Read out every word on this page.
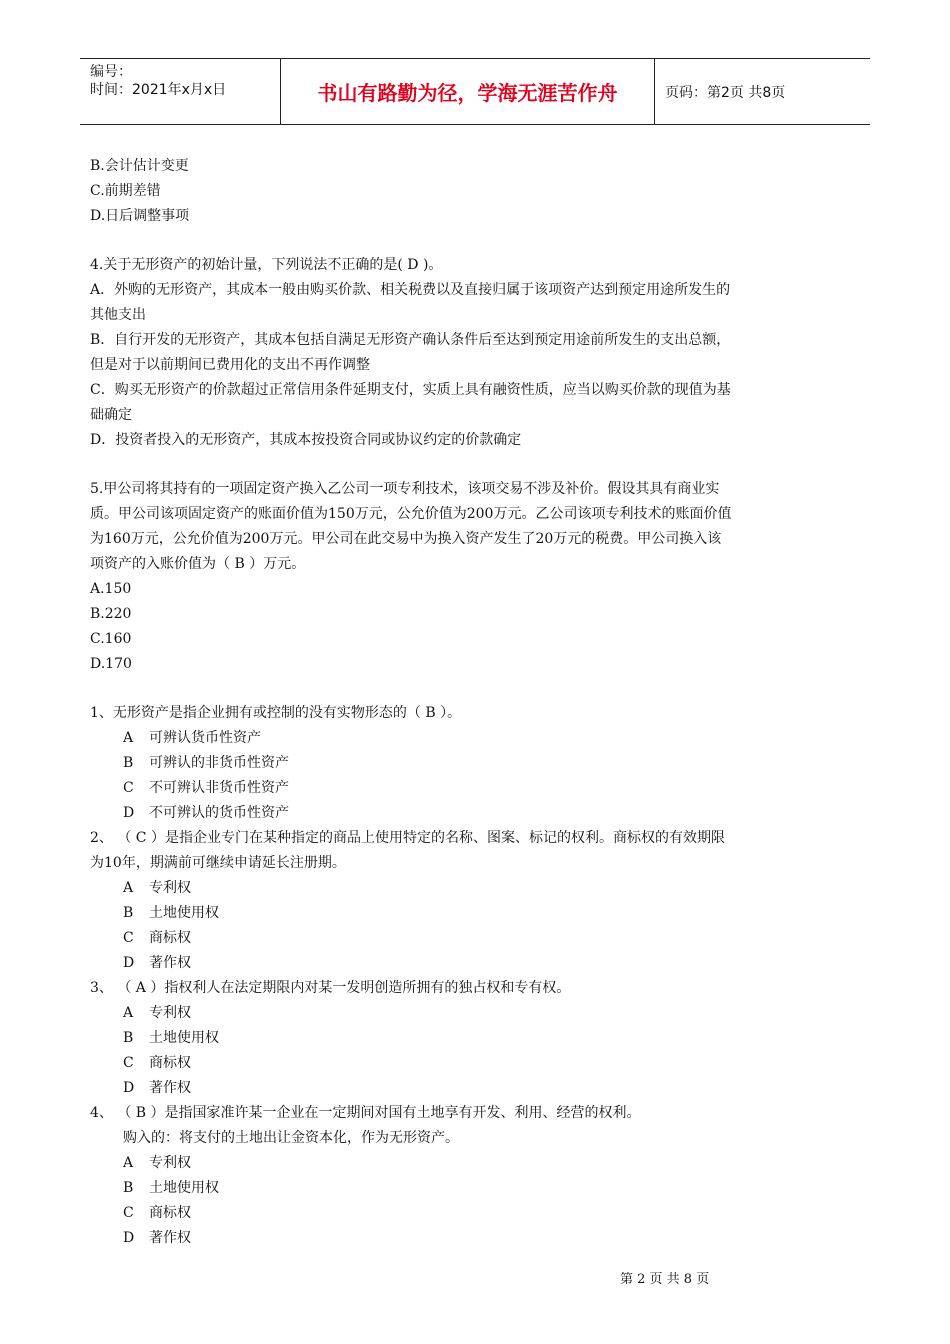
编号：
时间：2021年x月x日	书山有路勤为径，学海无涯苦作舟	页码：第2页 共8页
B.会计估计变更
C.前期差错
D.日后调整事项
4.关于无形资产的初始计量，下列说法不正确的是( D )。
A．外购的无形资产，其成本一般由购买价款、相关税费以及直接归属于该项资产达到预定用途所发生的
其他支出
B．自行开发的无形资产，其成本包括自满足无形资产确认条件后至达到预定用途前所发生的支出总额，
但是对于以前期间已费用化的支出不再作调整
C．购买无形资产的价款超过正常信用条件延期支付，实质上具有融资性质，应当以购买价款的现值为基
础确定
D．投资者投入的无形资产，其成本按投资合同或协议约定的价款确定
5.甲公司将其持有的一项固定资产换入乙公司一项专利技术，该项交易不涉及补价。假设其具有商业实
质。甲公司该项固定资产的账面价值为150万元，公允价值为200万元。乙公司该项专利技术的账面价值
为160万元，公允价值为200万元。甲公司在此交易中为换入资产发生了20万元的税费。甲公司换入该
项资产的入账价值为（ B ）万元。
A.150
B.220
C.160
D.170
1、无形资产是指企业拥有或控制的没有实物形态的（ B ）。
A 可辨认货币性资产
B 可辨认的非货币性资产
C 不可辨认非货币性资产
D 不可辨认的货币性资产
2、 （ C ）是指企业专门在某种指定的商品上使用特定的名称、图案、标记的权利。商标权的有效期限
为10年，期满前可继续申请延长注册期。
A 专利权
B 土地使用权
C 商标权
D 著作权
3、 （ A ）指权利人在法定期限内对某一发明创造所拥有的独占权和专有权。
A 专利权
B 土地使用权
C 商标权
D 著作权
4、 （ B ）是指国家准许某一企业在一定期间对国有土地享有开发、利用、经营的权利。
购入的：将支付的土地出让金资本化，作为无形资产。
A 专利权
B 土地使用权
C 商标权
D 著作权
第 2 页 共 8 页
